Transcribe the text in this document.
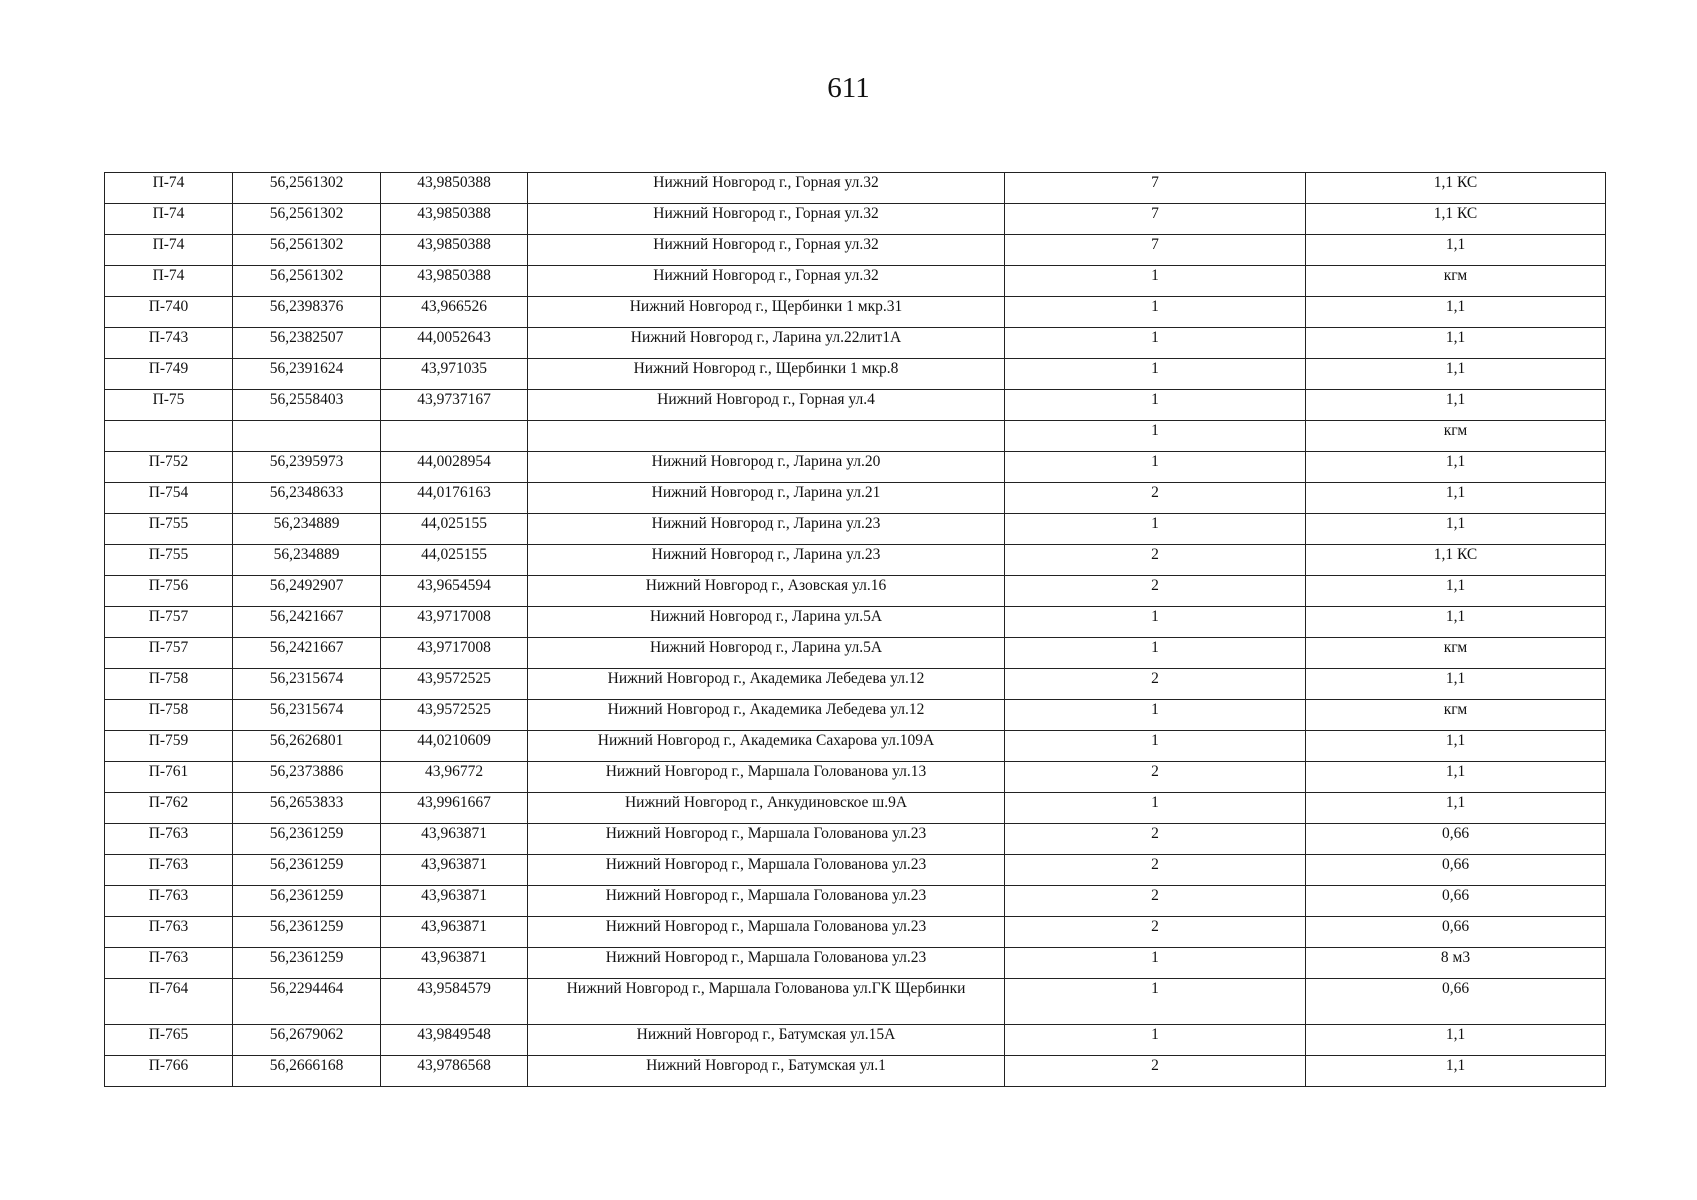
611
П-74	56,2561302	43,9850388	Нижний Новгород г., Горная ул.32	7	1,1 КС
П-74	56,2561302	43,9850388	Нижний Новгород г., Горная ул.32	7	1,1 КС
П-74	56,2561302	43,9850388	Нижний Новгород г., Горная ул.32	7	1,1
П-74	56,2561302	43,9850388	Нижний Новгород г., Горная ул.32	1	кгм
П-740	56,2398376	43,966526	Нижний Новгород г., Щербинки 1 мкр.31	1	1,1
П-743	56,2382507	44,0052643	Нижний Новгород г., Ларина ул.22лит1А	1	1,1
П-749	56,2391624	43,971035	Нижний Новгород г., Щербинки 1 мкр.8	1	1,1
П-75	56,2558403	43,9737167	Нижний Новгород г., Горная ул.4	1	1,1
				1	кгм
П-752	56,2395973	44,0028954	Нижний Новгород г., Ларина ул.20	1	1,1
П-754	56,2348633	44,0176163	Нижний Новгород г., Ларина ул.21	2	1,1
П-755	56,234889	44,025155	Нижний Новгород г., Ларина ул.23	1	1,1
П-755	56,234889	44,025155	Нижний Новгород г., Ларина ул.23	2	1,1 КС
П-756	56,2492907	43,9654594	Нижний Новгород г., Азовская ул.16	2	1,1
П-757	56,2421667	43,9717008	Нижний Новгород г., Ларина ул.5А	1	1,1
П-757	56,2421667	43,9717008	Нижний Новгород г., Ларина ул.5А	1	кгм
П-758	56,2315674	43,9572525	Нижний Новгород г., Академика Лебедева ул.12	2	1,1
П-758	56,2315674	43,9572525	Нижний Новгород г., Академика Лебедева ул.12	1	кгм
П-759	56,2626801	44,0210609	Нижний Новгород г., Академика Сахарова ул.109А	1	1,1
П-761	56,2373886	43,96772	Нижний Новгород г., Маршала Голованова ул.13	2	1,1
П-762	56,2653833	43,9961667	Нижний Новгород г., Анкудиновское ш.9А	1	1,1
П-763	56,2361259	43,963871	Нижний Новгород г., Маршала Голованова ул.23	2	0,66
П-763	56,2361259	43,963871	Нижний Новгород г., Маршала Голованова ул.23	2	0,66
П-763	56,2361259	43,963871	Нижний Новгород г., Маршала Голованова ул.23	2	0,66
П-763	56,2361259	43,963871	Нижний Новгород г., Маршала Голованова ул.23	2	0,66
П-763	56,2361259	43,963871	Нижний Новгород г., Маршала Голованова ул.23	1	8 м3
П-764	56,2294464	43,9584579	Нижний Новгород г., Маршала Голованова ул.ГК Щербинки	1	0,66
П-765	56,2679062	43,9849548	Нижний Новгород г., Батумская ул.15А	1	1,1
П-766	56,2666168	43,9786568	Нижний Новгород г., Батумская ул.1	2	1,1
